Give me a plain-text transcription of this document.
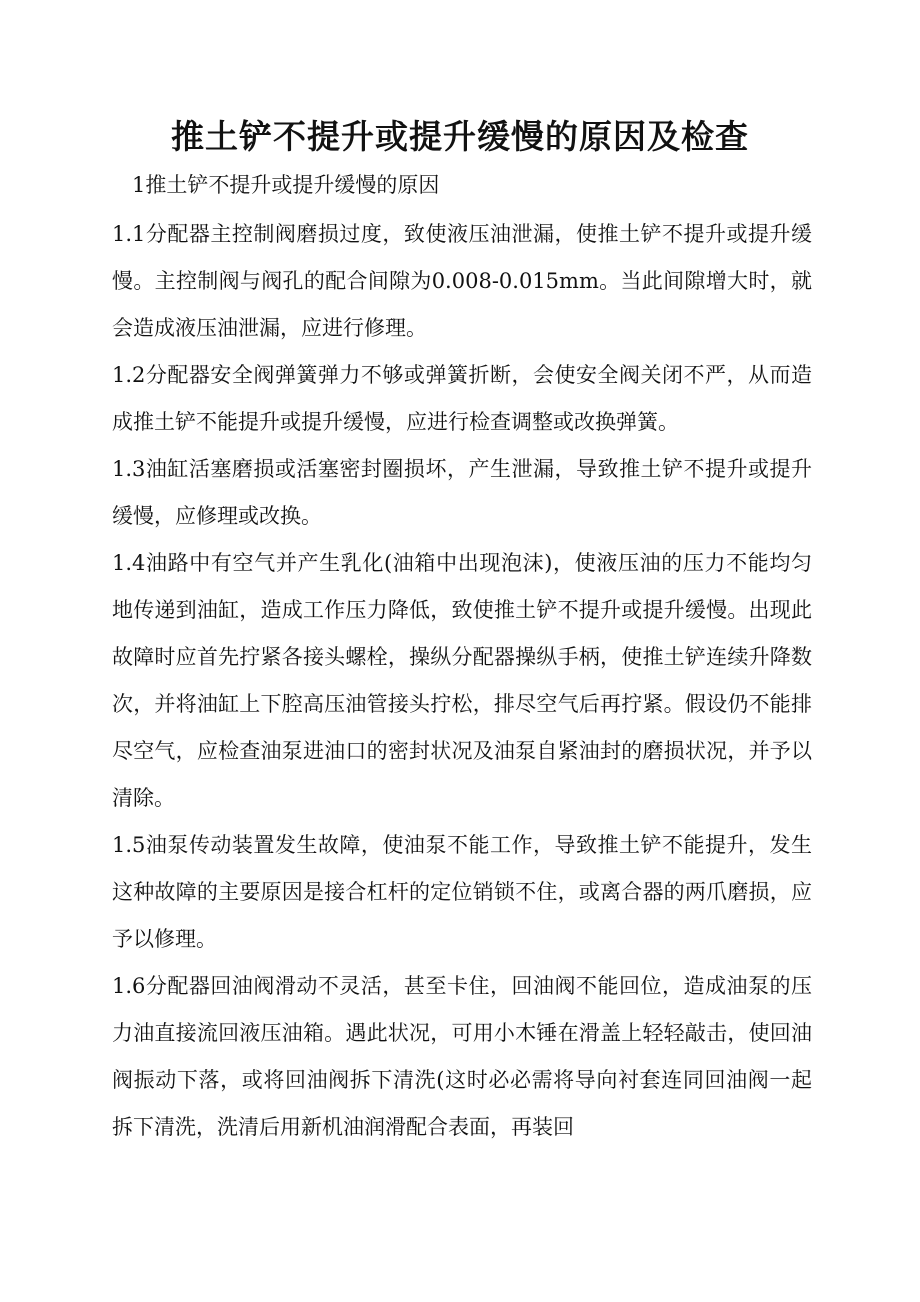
推土铲不提升或提升缓慢的原因及检查
1推土铲不提升或提升缓慢的原因

1.1分配器主控制阀磨损过度，致使液压油泄漏，使推土铲不提升或提升缓慢。主控制阀与阀孔的配合间隙为0.008-0.015mm。当此间隙增大时，就会造成液压油泄漏，应进行修理。

1.2分配器安全阀弹簧弹力不够或弹簧折断，会使安全阀关闭不严，从而造成推土铲不能提升或提升缓慢，应进行检查调整或改换弹簧。

1.3油缸活塞磨损或活塞密封圈损坏，产生泄漏，导致推土铲不提升或提升缓慢，应修理或改换。

1.4油路中有空气并产生乳化(油箱中出现泡沫)，使液压油的压力不能均匀地传递到油缸，造成工作压力降低，致使推土铲不提升或提升缓慢。出现此故障时应首先拧紧各接头螺栓，操纵分配器操纵手柄，使推土铲连续升降数次，并将油缸上下腔高压油管接头拧松，排尽空气后再拧紧。假设仍不能排尽空气，应检查油泵进油口的密封状况及油泵自紧油封的磨损状况，并予以清除。

1.5油泵传动装置发生故障，使油泵不能工作，导致推土铲不能提升，发生这种故障的主要原因是接合杠杆的定位销锁不住，或离合器的两爪磨损，应予以修理。

1.6分配器回油阀滑动不灵活，甚至卡住，回油阀不能回位，造成油泵的压力油直接流回液压油箱。遇此状况，可用小木锤在滑盖上轻轻敲击，使回油阀振动下落，或将回油阀拆下清洗(这时必必需将导向衬套连同回油阀一起拆下清洗，洗清后用新机油润滑配合表面，再装回
